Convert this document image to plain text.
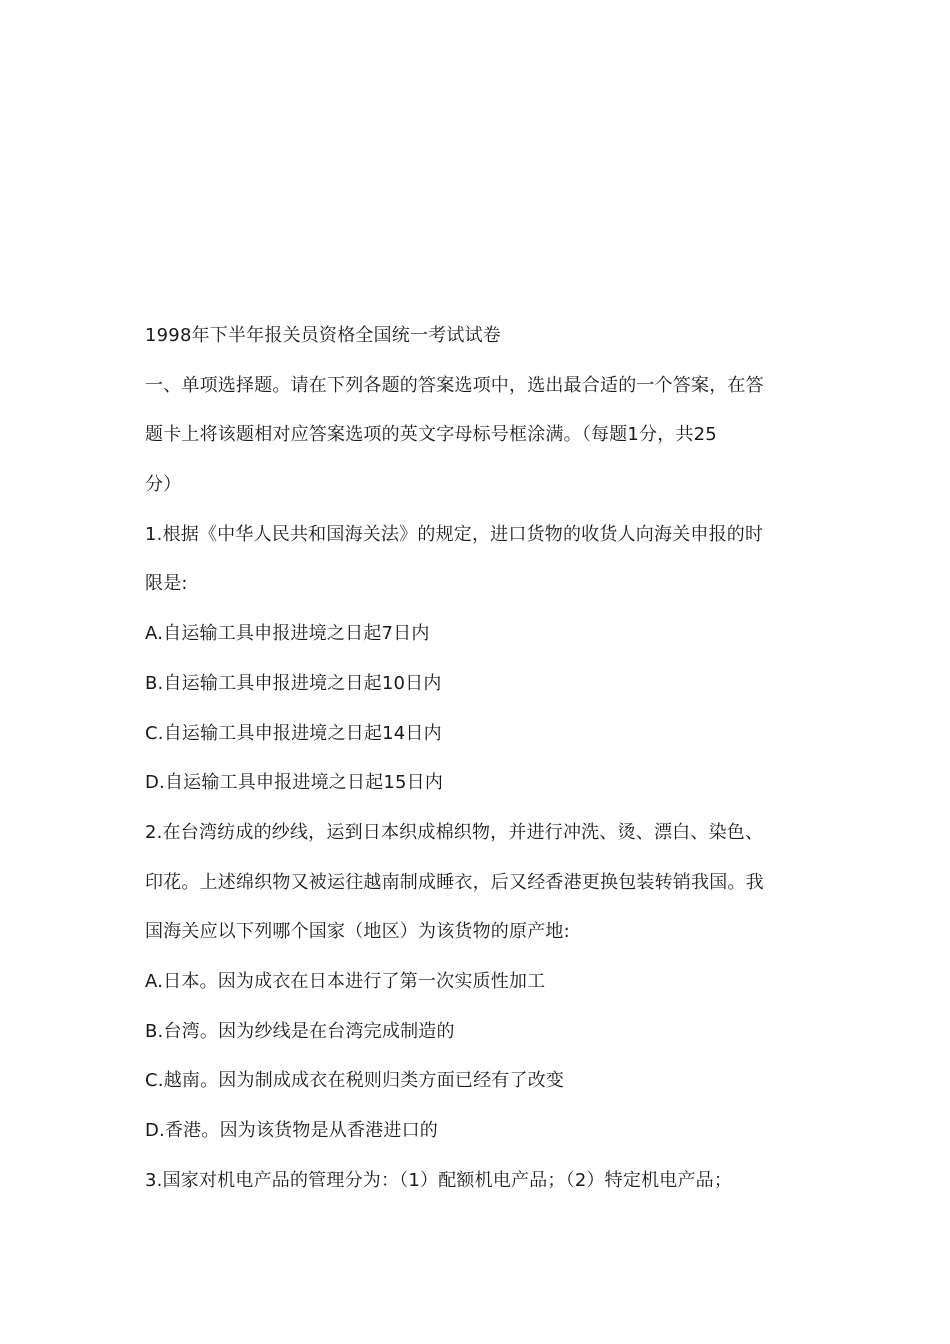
1998年下半年报关员资格全国统一考试试卷
一、单项选择题。请在下列各题的答案选项中，选出最合适的一个答案，在答
题卡上将该题相对应答案选项的英文字母标号框涂满。（每题1分，共25
分）
1.根据《中华人民共和国海关法》的规定，进口货物的收货人向海关申报的时
限是:
A.自运输工具申报进境之日起7日内
B.自运输工具申报进境之日起10日内
C.自运输工具申报进境之日起14日内
D.自运输工具申报进境之日起15日内
2.在台湾纺成的纱线，运到日本织成棉织物，并进行冲洗、烫、漂白、染色、
印花。上述绵织物又被运往越南制成睡衣，后又经香港更换包装转销我国。我
国海关应以下列哪个国家（地区）为该货物的原产地:
A.日本。因为成衣在日本进行了第一次实质性加工
B.台湾。因为纱线是在台湾完成制造的
C.越南。因为制成成衣在税则归类方面已经有了改变
D.香港。因为该货物是从香港进口的
3.国家对机电产品的管理分为：（1）配额机电产品；（2）特定机电产品；
